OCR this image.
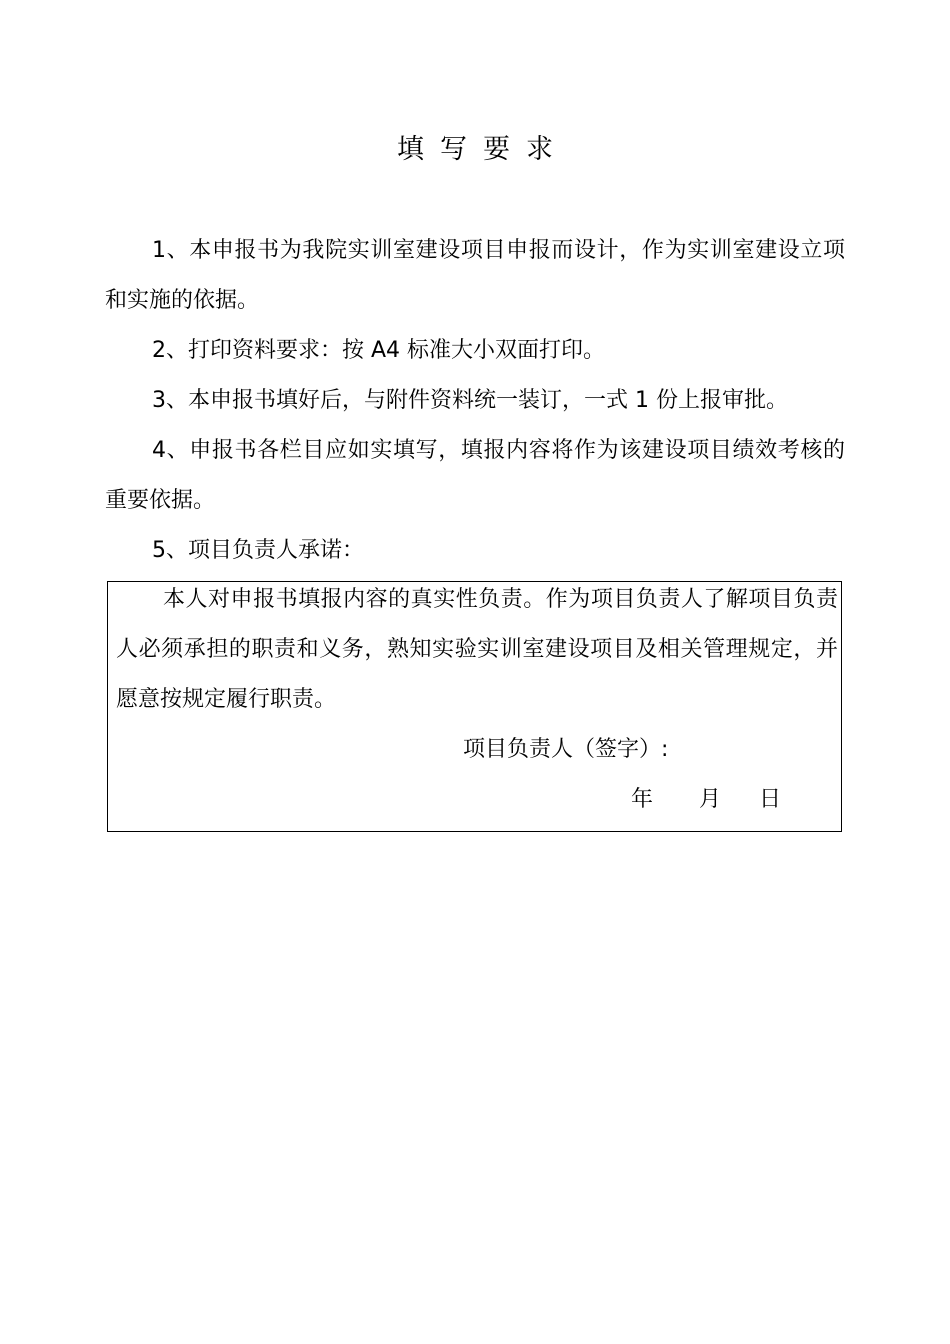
填写要求

1、本申报书为我院实训室建设项目申报而设计，作为实训室建设立项和实施的依据。

2、打印资料要求：按 A4 标准大小双面打印。

3、本申报书填好后，与附件资料统一装订，一式 1 份上报审批。

4、申报书各栏目应如实填写，填报内容将作为该建设项目绩效考核的重要依据。

5、项目负责人承诺：

本人对申报书填报内容的真实性负责。作为项目负责人了解项目负责人必须承担的职责和义务，熟知实验实训室建设项目及相关管理规定，并愿意按规定履行职责。

项目负责人（签字）:

年 月 日
